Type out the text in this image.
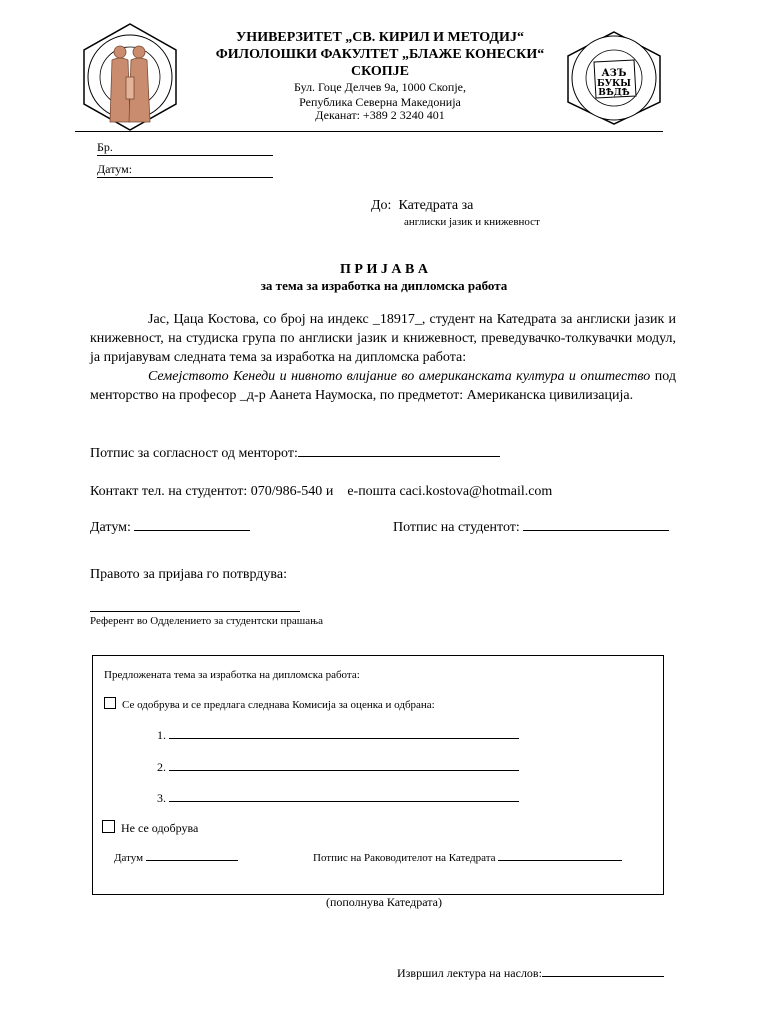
АЗЪ
БУКЫ
ВѢДѢ
УНИВЕРЗИТЕТ „СВ. КИРИЛ И МЕТОДИЈ“
ФИЛОЛОШКИ ФАКУЛТЕТ „БЛАЖЕ КОНЕСКИ“
СКОПЈЕ
Бул. Гоце Делчев 9а, 1000 Скопје,
Република Северна Македонија
Деканат: +389 2 3240 401
Бр.
Датум:
До: Катедрата за
англиски јазик и книжевност
П Р И Ј А В А
за тема за изработка на дипломска работа
Јас, Цаца Костова, со број на индекс _18917_, студент на Катедрата за англиски јазик и книжевност, на студиска група по англиски јазик и книжевност, преведувачко-толкувачки модул, ја пријавувам следната тема за изработка на дипломска работа:
Семејството Кенеди и нивното влијание во американската култура и општество под менторство на професор _д-р Аанета Наумоска, по предметот: Американска цивилизација.
Потпис за согласност од менторот:
Контакт тел. на студентот: 070/986-540 и е-пошта caci.kostova@hotmail.com
Датум:	Потпис на студентот:
Правото за пријава го потврдува:
Референт во Одделението за студентски прашања
Предложената тема за изработка на дипломска работа:
Се одобрува и се предлага следнава Комисија за оценка и одбрана:
1.
2.
3.
Не се одобрува
Датум	Потпис на Раководителот на Катедрата
(пополнува Катедрата)
Извршил лектура на наслов:
